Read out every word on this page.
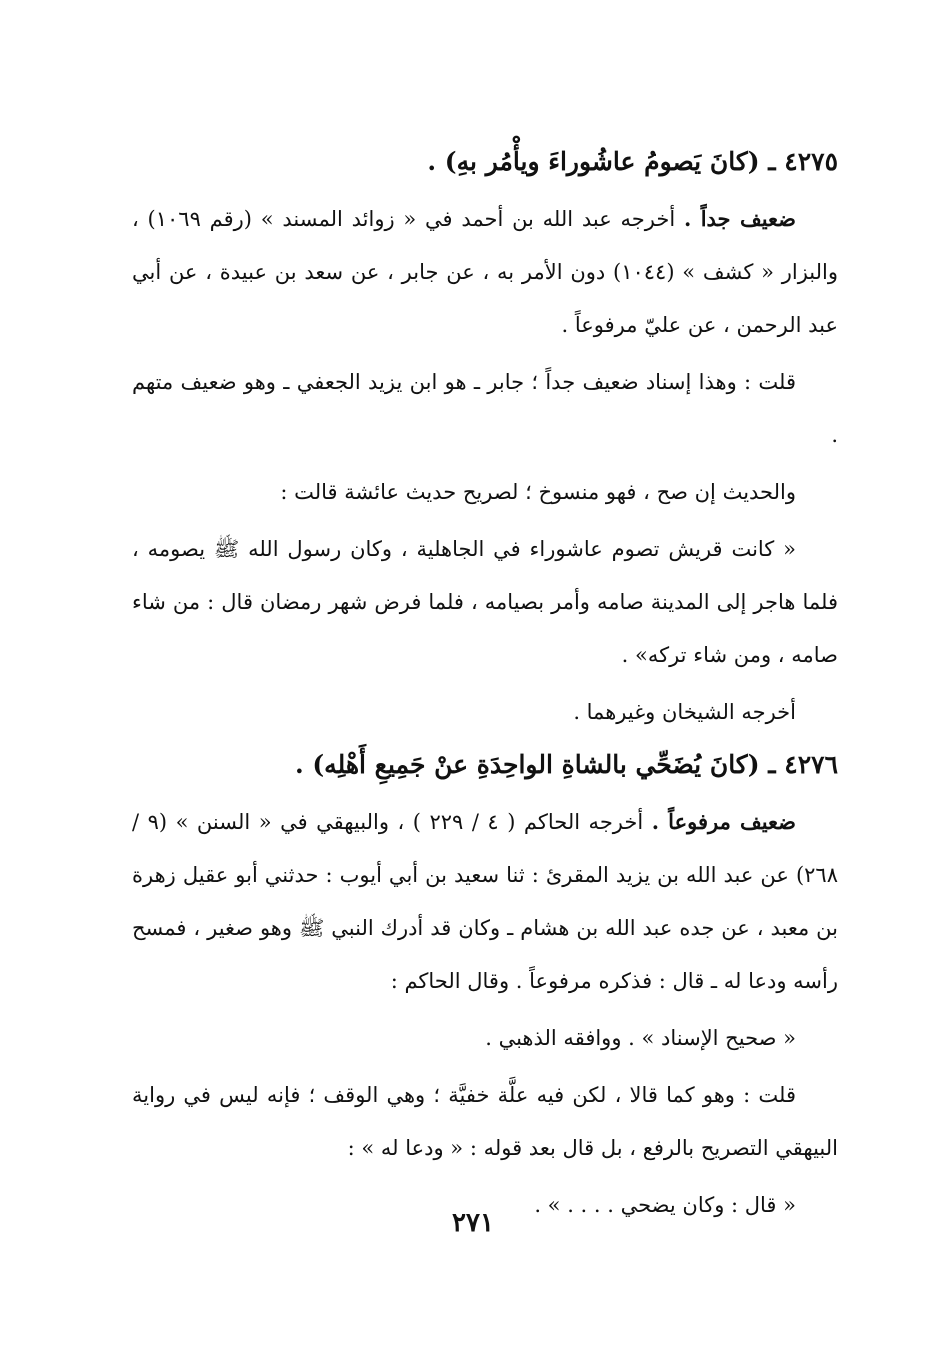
٤٢٧٥ ـ (كانَ يَصومُ عاشُوراءَ ويأْمُر بهِ) .

ضعيف جداً . أخرجه عبد الله بن أحمد في « زوائد المسند » (رقم ١٠٦٩) ، والبزار « كشف » (١٠٤٤) دون الأمر به ، عن جابر ، عن سعد بن عبيدة ، عن أبي عبد الرحمن ، عن عليّ مرفوعاً .

قلت : وهذا إسناد ضعيف جداً ؛ جابر ـ هو ابن يزيد الجعفي ـ وهو ضعيف متهم .

والحديث إن صح ، فهو منسوخ ؛ لصريح حديث عائشة قالت :

« كانت قريش تصوم عاشوراء في الجاهلية ، وكان رسول الله ﷺ يصومه ، فلما هاجر إلى المدينة صامه وأمر بصيامه ، فلما فرض شهر رمضان قال : من شاء صامه ، ومن شاء تركه» .

أخرجه الشيخان وغيرهما .

٤٢٧٦ ـ (كانَ يُضَحِّي بالشاةِ الواحِدَةِ عنْ جَمِيعِ أَهْلِه) .

ضعيف مرفوعاً . أخرجه الحاكم ( ٤ / ٢٢٩ ) ، والبيهقي في « السنن » (٩ / ٢٦٨) عن عبد الله بن يزيد المقرئ : ثنا سعيد بن أبي أيوب : حدثني أبو عقيل زهرة بن معبد ، عن جده عبد الله بن هشام ـ وكان قد أدرك النبي ﷺ وهو صغير ، فمسح رأسه ودعا له ـ قال : فذكره مرفوعاً . وقال الحاكم :

« صحيح الإسناد » . ووافقه الذهبي .

قلت : وهو كما قالا ، لكن فيه علَّة خفيَّة ؛ وهي الوقف ؛ فإنه ليس في رواية البيهقي التصريح بالرفع ، بل قال بعد قوله : « ودعا له » :

« قال : وكان يضحي . . . . » .

٢٧١
